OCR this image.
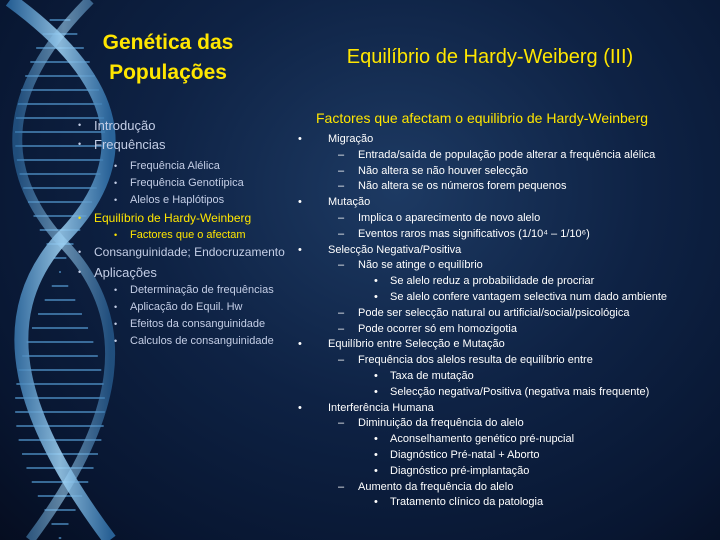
Genética das
Populações
Equilíbrio de Hardy-Weiberg (III)
Factores que afectam o equilibrio de Hardy-Weinberg
• Introdução
• Frequências
• Frequência Alélica
• Frequência Genotíipica
• Alelos e Haplótipos
• Equilíbrio de Hardy-Weinberg
• Factores que o afectam
• Consanguinidade; Endocruzamento
• Aplicações
• Determinação de frequências
• Aplicação do Equil. Hw
• Efeitos da consanguinidade
• Calculos de consanguinidade
• Migração
– Entrada/saída de população pode alterar a frequência alélica
– Não altera se não houver selecção
– Não altera se os números forem pequenos
• Mutação
– Implica o aparecimento de novo alelo
– Eventos raros mas significativos (1/10⁴ – 1/10⁶)
• Selecção Negativa/Positiva
– Não se atinge o equilíbrio
• Se alelo reduz a probabilidade de procriar
• Se alelo confere vantagem selectiva num dado ambiente
– Pode ser selecção natural ou artificial/social/psicológica
– Pode ocorrer só em homozigotia
• Equilíbrio entre Selecção e Mutação
– Frequência dos alelos resulta de equilíbrio entre
• Taxa de mutação
• Selecção negativa/Positiva (negativa mais frequente)
• Interferência Humana
– Diminuição da frequência do alelo
• Aconselhamento genético pré-nupcial
• Diagnóstico Pré-natal + Aborto
• Diagnóstico pré-implantação
– Aumento da frequência do alelo
• Tratamento clínico da patologia
